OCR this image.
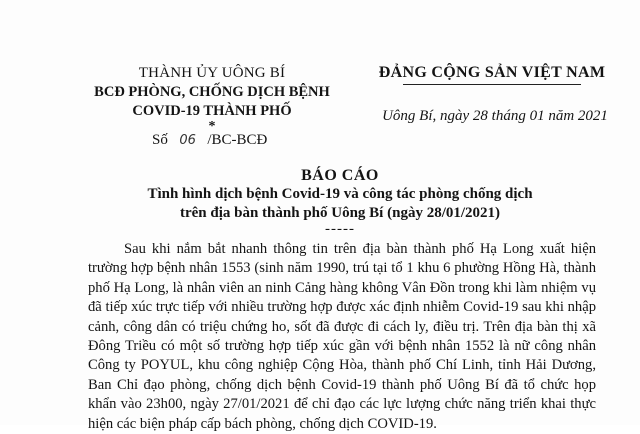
THÀNH ỦY UÔNG BÍ
BCĐ PHÒNG, CHỐNG DỊCH BỆNH
COVID-19 THÀNH PHỐ
*
Số 06 /BC-BCĐ
ĐẢNG CỘNG SẢN VIỆT NAM
Uông Bí, ngày 28 tháng 01 năm 2021
BÁO CÁO
Tình hình dịch bệnh Covid-19 và công tác phòng chống dịch
trên địa bàn thành phố Uông Bí (ngày 28/01/2021)
-----

Sau khi nắm bắt nhanh thông tin trên địa bàn thành phố Hạ Long xuất hiện trường hợp bệnh nhân 1553 (sinh năm 1990, trú tại tổ 1 khu 6 phường Hồng Hà, thành phố Hạ Long, là nhân viên an ninh Cảng hàng không Vân Đồn trong khi làm nhiệm vụ đã tiếp xúc trực tiếp với nhiều trường hợp được xác định nhiễm Covid-19 sau khi nhập cảnh, công dân có triệu chứng ho, sốt đã được đi cách ly, điều trị. Trên địa bàn thị xã Đông Triều có một số trường hợp tiếp xúc gần với bệnh nhân 1552 là nữ công nhân Công ty POYUL, khu công nghiệp Cộng Hòa, thành phố Chí Linh, tỉnh Hải Dương, Ban Chỉ đạo phòng, chống dịch bệnh Covid-19 thành phố Uông Bí đã tổ chức họp khẩn vào 23h00, ngày 27/01/2021 để chỉ đạo các lực lượng chức năng triển khai thực hiện các biện pháp cấp bách phòng, chống dịch COVID-19.
